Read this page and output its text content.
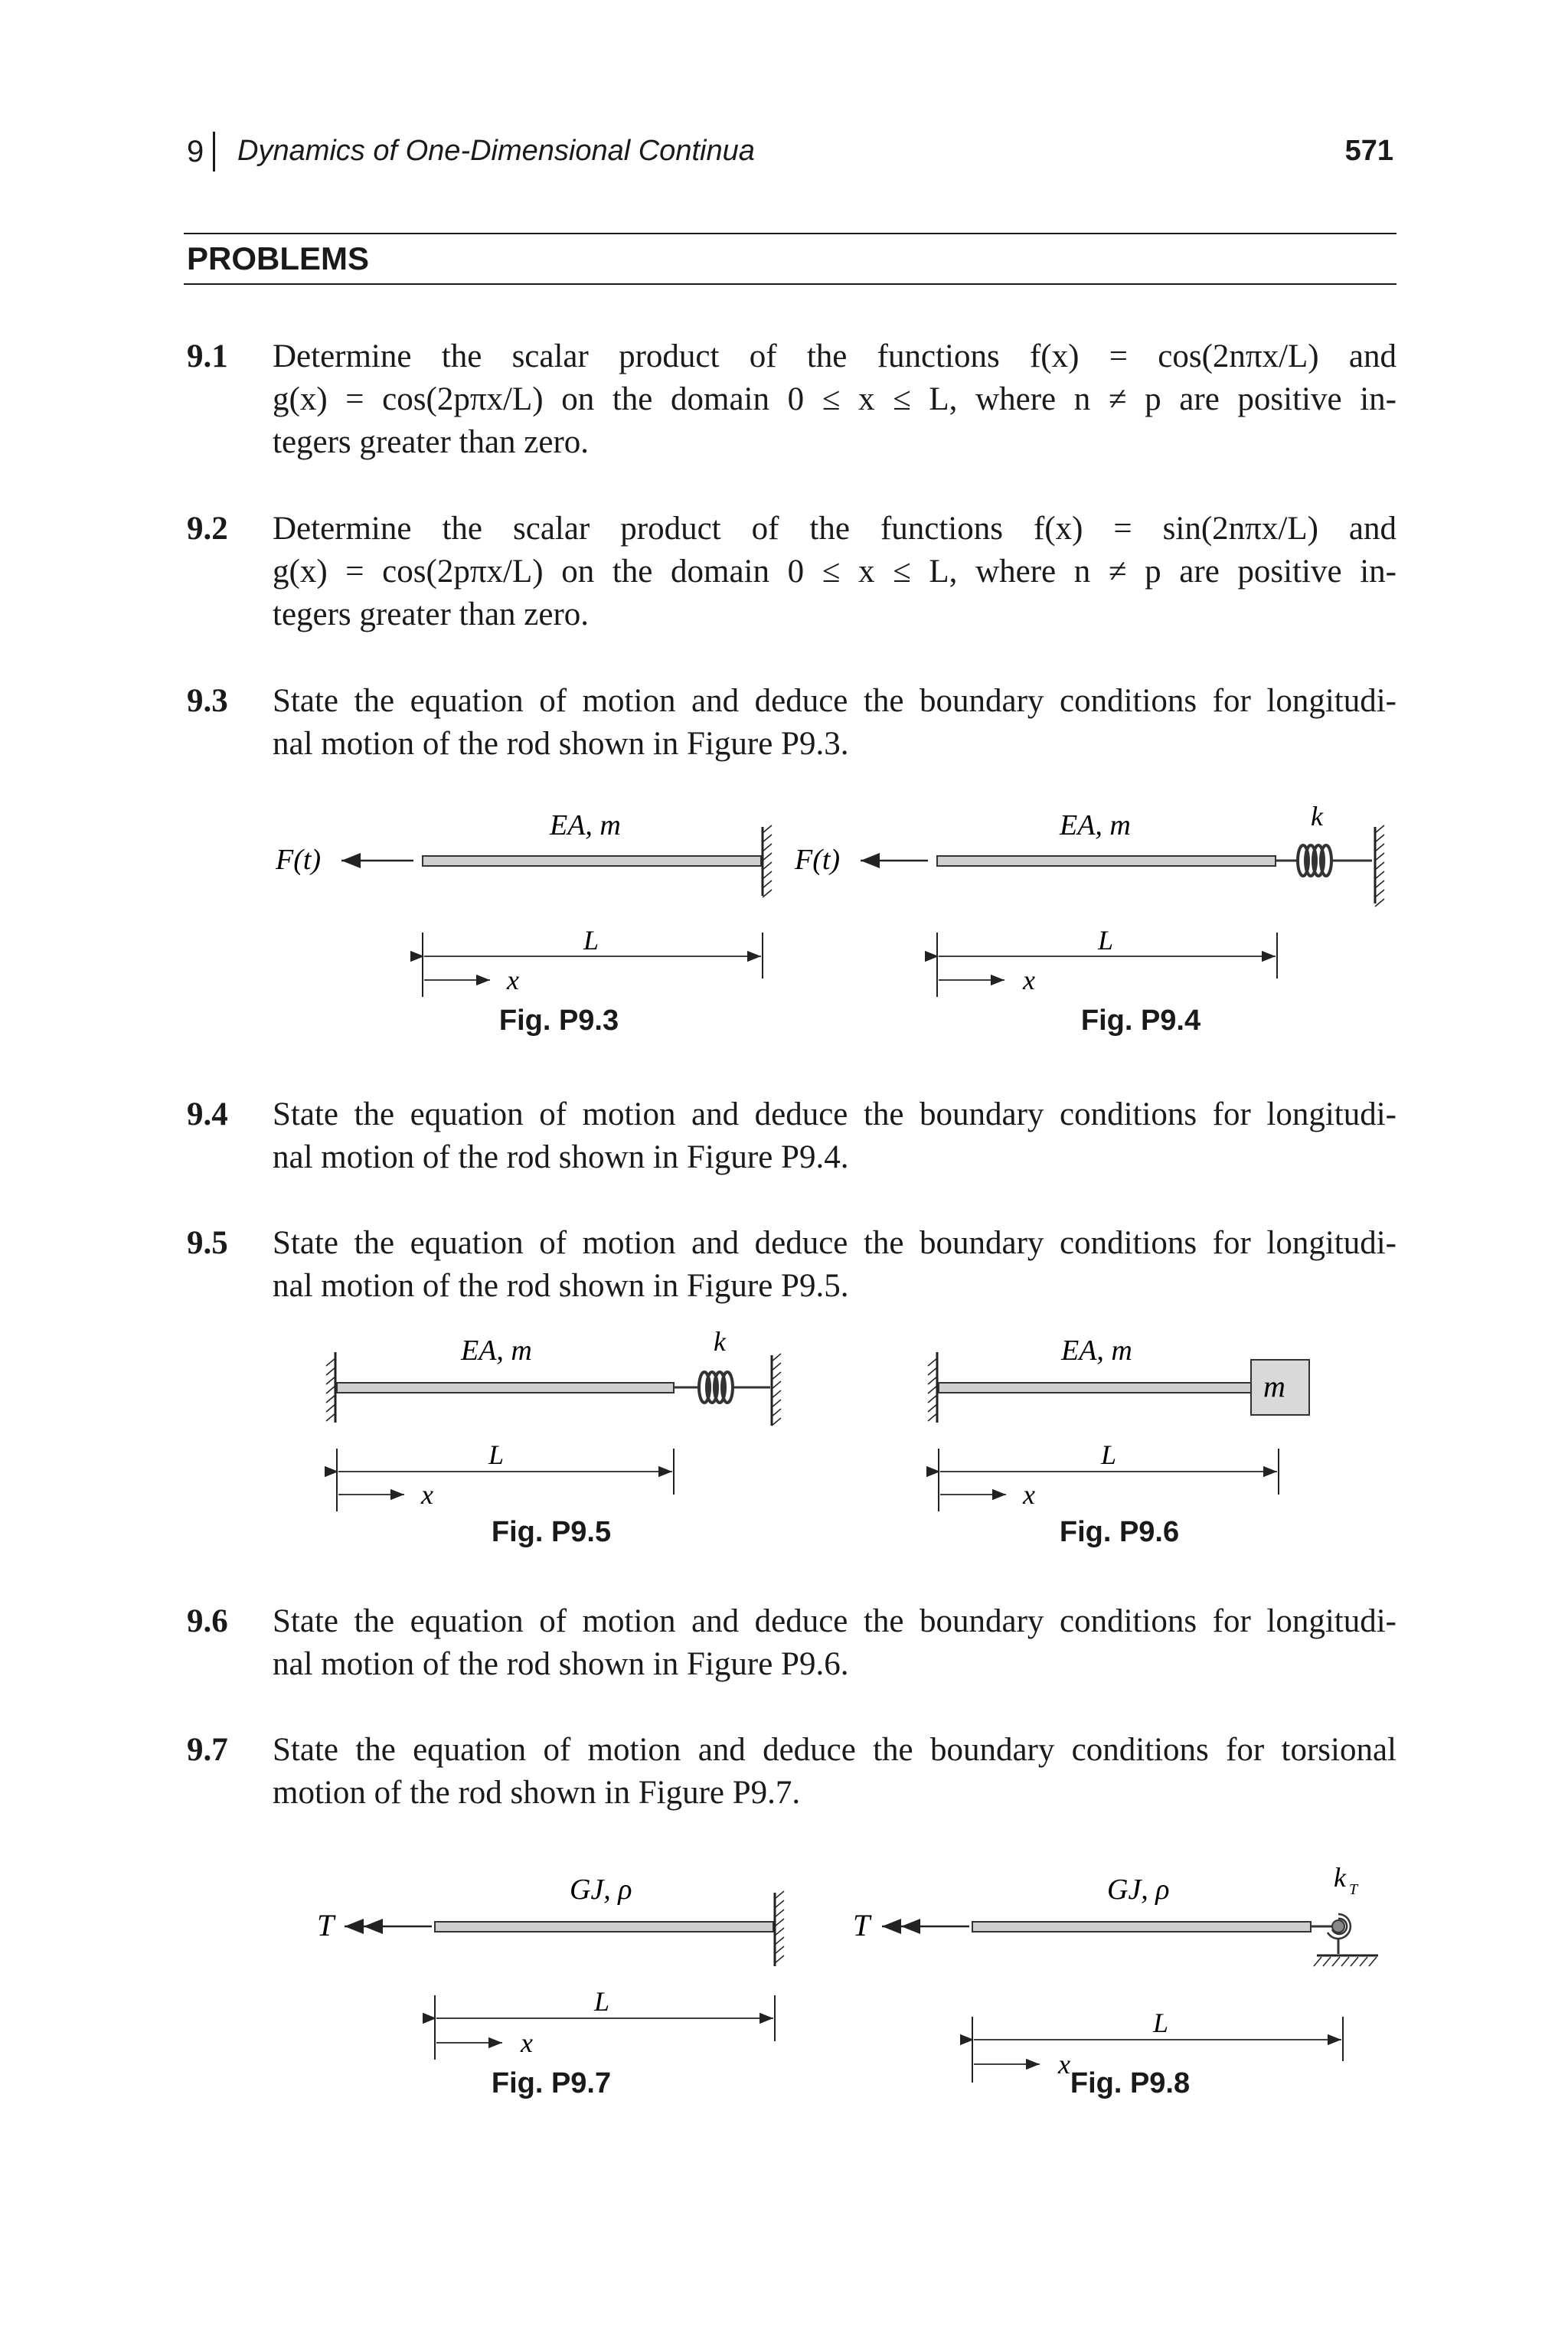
9 Dynamics of One-Dimensional Continua	571
PROBLEMS
9.1 Determine the scalar product of the functions f(x) = cos(2nπx/L) and
g(x) = cos(2pπx/L) on the domain 0 ≤ x ≤ L, where n ≠ p are positive in-
tegers greater than zero.
9.2 Determine the scalar product of the functions f(x) = sin(2nπx/L) and
g(x) = cos(2pπx/L) on the domain 0 ≤ x ≤ L, where n ≠ p are positive in-
tegers greater than zero.
9.3 State the equation of motion and deduce the boundary conditions for longitudi-
nal motion of the rod shown in Figure P9.3.
F(t)
EA, m
L
x
Fig. P9.3
F(t)
EA, m	k
L
x
Fig. P9.4
9.4 State the equation of motion and deduce the boundary conditions for longitudi-
nal motion of the rod shown in Figure P9.4.
9.5 State the equation of motion and deduce the boundary conditions for longitudi-
nal motion of the rod shown in Figure P9.5.
EA, m	k
L
x
Fig. P9.5
EA, m
m
L
x
Fig. P9.6
9.6 State the equation of motion and deduce the boundary conditions for longitudi-
nal motion of the rod shown in Figure P9.6.
9.7 State the equation of motion and deduce the boundary conditions for torsional
motion of the rod shown in Figure P9.7.
T
GJ, ρ
L
x
Fig. P9.7
T
GJ, ρ	k T
L
x
Fig. P9.8
